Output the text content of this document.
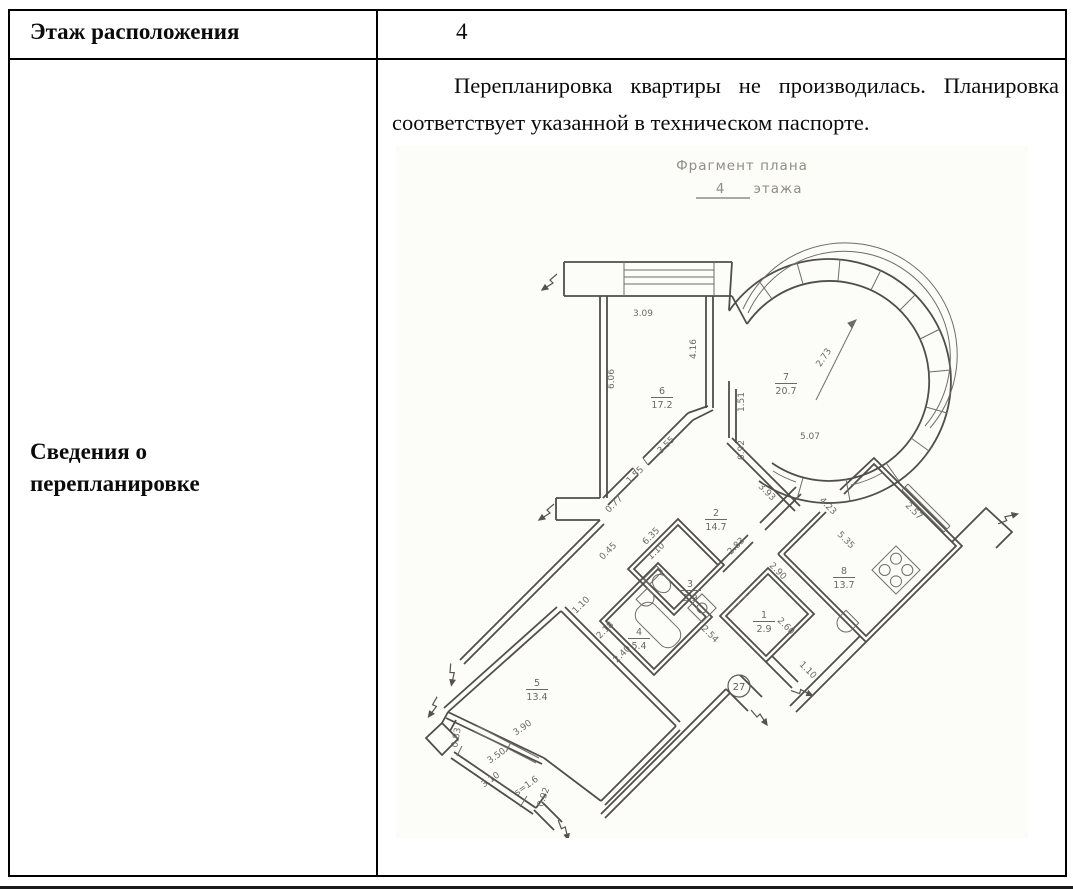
Этаж расположения	4
Сведения о перепланировке

Перепланировка квартиры не производилась. Планировка соответствует указанной в техническом паспорте.

27
Фрагмент плана
4 этажа
3.09
6.06
4.16
1.51
0.92
2.73
5.07
0.77
1.55
3.55
6.35
0.45
3.93
4.23
5.35
2.57
2.83
2.90
1.10
2.18
2.40
2.54	2.60
1.10
1.10
3.90
3.50
3.10 s=1.6
0.92
0.83
6
17.2
7
20.7
2
14.7
3
2.9
4
5.4
1
2.9
8
13.7
5
13.4
